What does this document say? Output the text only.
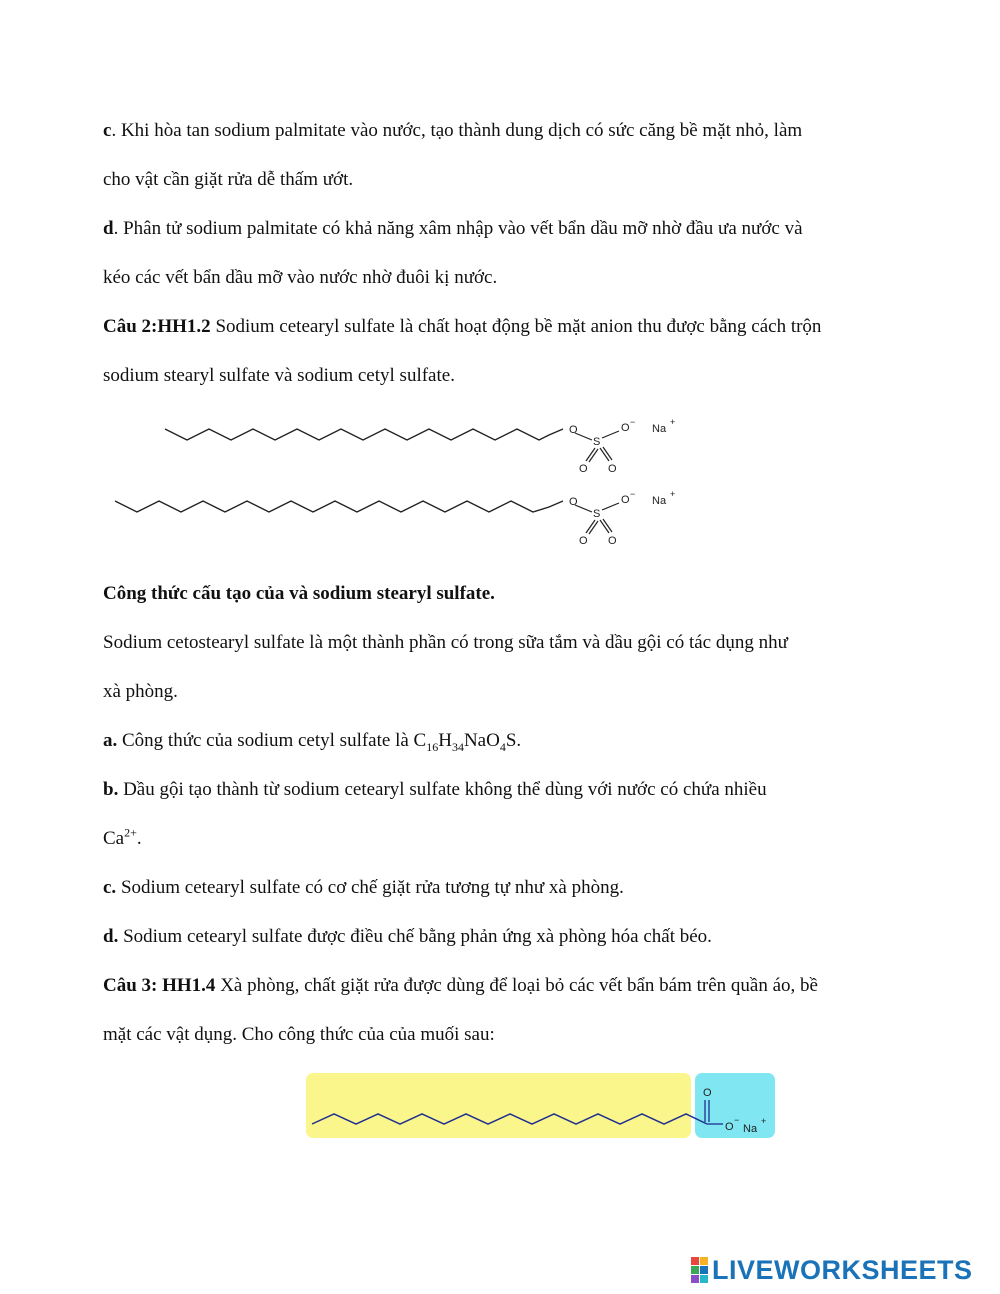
c. Khi hòa tan sodium palmitate vào nước, tạo thành dung dịch có sức căng bề mặt nhỏ, làm
cho vật cần giặt rửa dễ thấm ướt.
d. Phân tử sodium palmitate có khả năng xâm nhập vào vết bẩn dầu mỡ nhờ đầu ưa nước và
kéo các vết bẩn dầu mỡ vào nước nhờ đuôi kị nước.
Câu 2:HH1.2 Sodium cetearyl sulfate là chất hoạt động bề mặt anion thu được bằng cách trộn
sodium stearyl sulfate và sodium cetyl sulfate.
O
S
O −
O O
Na
+
O
S
O −
O O
Na
+
Công thức cấu tạo của và sodium stearyl sulfate.
Sodium cetostearyl sulfate là một thành phần có trong sữa tắm và dầu gội có tác dụng như
xà phòng.
a. Công thức của sodium cetyl sulfate là $C_{16}H_{34}NaO_4S$.
b. Dầu gội tạo thành từ sodium cetearyl sulfate không thể dùng với nước có chứa nhiều
$Ca^{2+}$.
c. Sodium cetearyl sulfate có cơ chế giặt rửa tương tự như xà phòng.
d. Sodium cetearyl sulfate được điều chế bằng phản ứng xà phòng hóa chất béo.
Câu 3: HH1.4 Xà phòng, chất giặt rửa được dùng để loại bỏ các vết bẩn bám trên quần áo, bề
mặt các vật dụng. Cho công thức của của muối sau:
O
O
−
Na
+
LIVEWORKSHEETS
